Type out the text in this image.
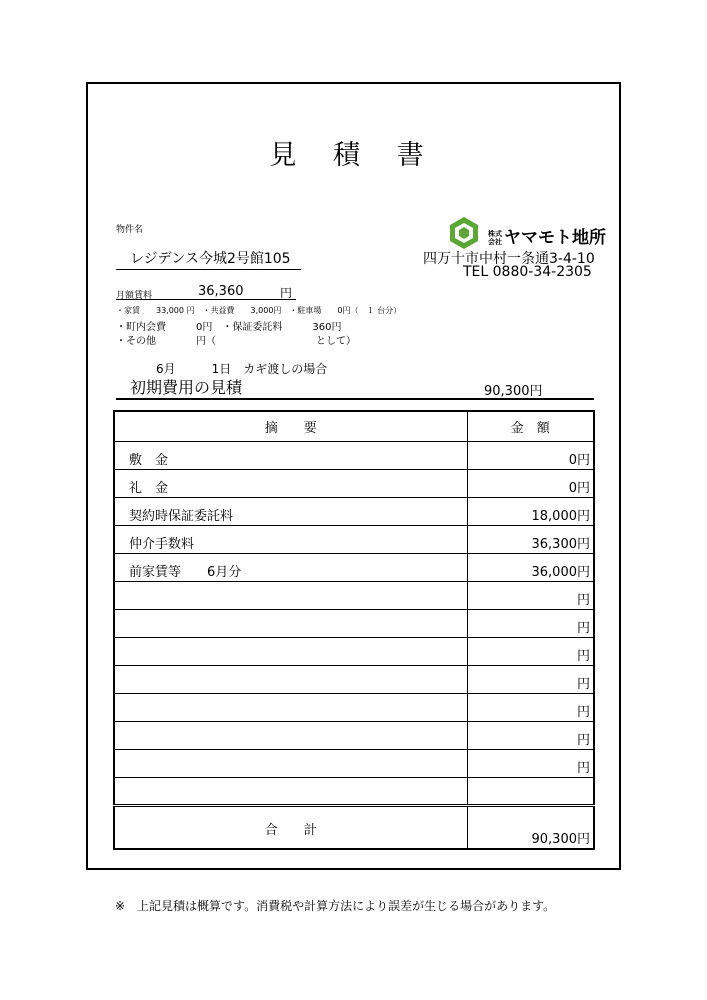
見 積 書
物件名
レジデンス今城2号館105
株式
会社 ヤマモト地所
四万十市中村一条通3-4-10
TEL 0880-34-2305
月額賃料	36,360	円
・家賃　　33,000 円　・共益費　　3,000円　・駐車場　　0円（　１ 台分）
・町内会費　　　0円　・保証委託料　　　360円
・その他　　　　円（　　　　　　　　　　として）
6月　　　1日　カギ渡しの場合
初期費用の見積	90,300円
摘　　要	金　額
敷　金	0円
礼　金	0円
契約時保証委託料	18,000円
仲介手数料	36,300円
前家賃等　　6月分	36,000円
	円
	円
	円
	円
	円
	円
	円

合　　計	90,300円
※　上記見積は概算です。消費税や計算方法により誤差が生じる場合があります。
